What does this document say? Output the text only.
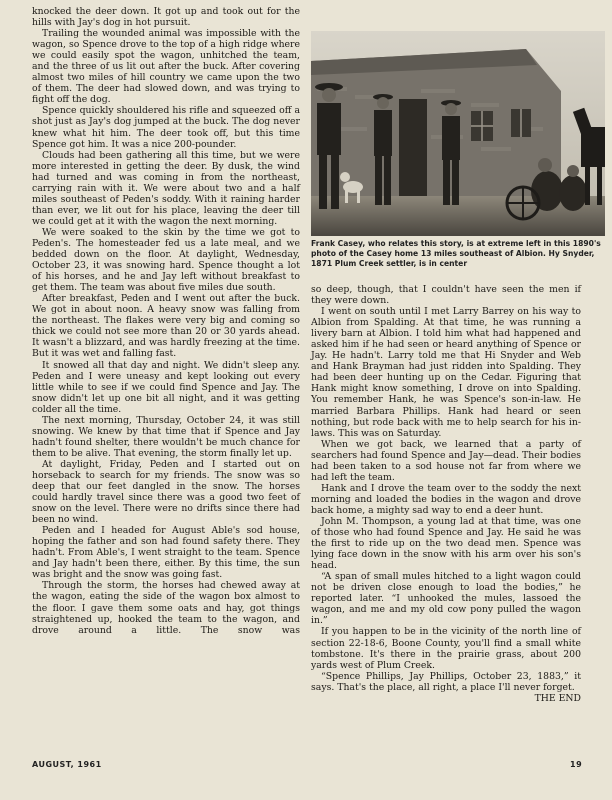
knocked the deer down. It got up and took out for the hills with Jay's dog in hot pursuit.

Trailing the wounded animal was impossible with the wagon, so Spence drove to the top of a high ridge where we could easily spot the wagon, unhitched the team, and the three of us lit out after the buck. After covering almost two miles of hill country we came upon the two of them. The deer had slowed down, and was trying to fight off the dog.

Spence quickly shouldered his rifle and squeezed off a shot just as Jay's dog jumped at the buck. The dog never knew what hit him. The deer took off, but this time Spence got him. It was a nice 200-pounder.

Clouds had been gathering all this time, but we were more interested in getting the deer. By dusk, the wind had turned and was coming in from the northeast, carrying rain with it. We were about two and a half miles southeast of Peden's soddy. With it raining harder than ever, we lit out for his place, leaving the deer till we could get at it with the wagon the next morning.

We were soaked to the skin by the time we got to Peden's. The homesteader fed us a late meal, and we bedded down on the floor. At daylight, Wednesday, October 23, it was snowing hard. Spence thought a lot of his horses, and he and Jay left without breakfast to get them. The team was about five miles due south.

After breakfast, Peden and I went out after the buck. We got in about noon. A heavy snow was falling from the northeast. The flakes were very big and coming so thick we could not see more than 20 or 30 yards ahead. It wasn't a blizzard, and was hardly freezing at the time. But it was wet and falling fast.

It snowed all that day and night. We didn't sleep any. Peden and I were uneasy and kept looking out every little while to see if we could find Spence and Jay. The snow didn't let up one bit all night, and it was getting colder all the time.

The next morning, Thursday, October 24, it was still snowing. We knew by that time that if Spence and Jay hadn't found shelter, there wouldn't be much chance for them to be alive. That evening, the storm finally let up.

At daylight, Friday, Peden and I started out on horseback to search for my friends. The snow was so deep that our feet dangled in the snow. The horses could hardly travel since there was a good two feet of snow on the level. There were no drifts since there had been no wind.

Peden and I headed for August Able's sod house, hoping the father and son had found safety there. They hadn't. From Able's, I went straight to the team. Spence and Jay hadn't been there, either. By this time, the sun was bright and the snow was going fast.

Through the storm, the horses had chewed away at the wagon, eating the side of the wagon box almost to the floor. I gave them some oats and hay, got things straightened up, hooked the team to the wagon, and drove around a little. The snow was

Frank Casey, who relates this story, is at extreme left in this 1890's photo of the Casey home 13 miles southeast of Albion. Hy Snyder, 1871 Plum Creek settler, is in center

so deep, though, that I couldn't have seen the men if they were down.

I went on south until I met Larry Barrey on his way to Albion from Spalding. At that time, he was running a livery barn at Albion. I told him what had happened and asked him if he had seen or heard anything of Spence or Jay. He hadn't. Larry told me that Hi Snyder and Web and Hank Brayman had just ridden into Spalding. They had been deer hunting up on the Cedar. Figuring that Hank might know something, I drove on into Spalding. You remember Hank, he was Spence's son-in-law. He married Barbara Phillips. Hank had heard or seen nothing, but rode back with me to help search for his in-laws. This was on Saturday.

When we got back, we learned that a party of searchers had found Spence and Jay—dead. Their bodies had been taken to a sod house not far from where we had left the team.

Hank and I drove the team over to the soddy the next morning and loaded the bodies in the wagon and drove back home, a mighty sad way to end a deer hunt.

John M. Thompson, a young lad at that time, was one of those who had found Spence and Jay. He said he was the first to ride up on the two dead men. Spence was lying face down in the snow with his arm over his son's head.

“A span of small mules hitched to a light wagon could not be driven close enough to load the bodies,” he reported later. “I unhooked the mules, lassoed the wagon, and me and my old cow pony pulled the wagon in.”

If you happen to be in the vicinity of the north line of section 22-18-6, Boone County, you'll find a small white tombstone. It's there in the prairie grass, about 200 yards west of Plum Creek.

“Spence Phillips, Jay Phillips, October 23, 1883,” it says. That's the place, all right, a place I'll never forget.
THE END

AUGUST, 1961	19
